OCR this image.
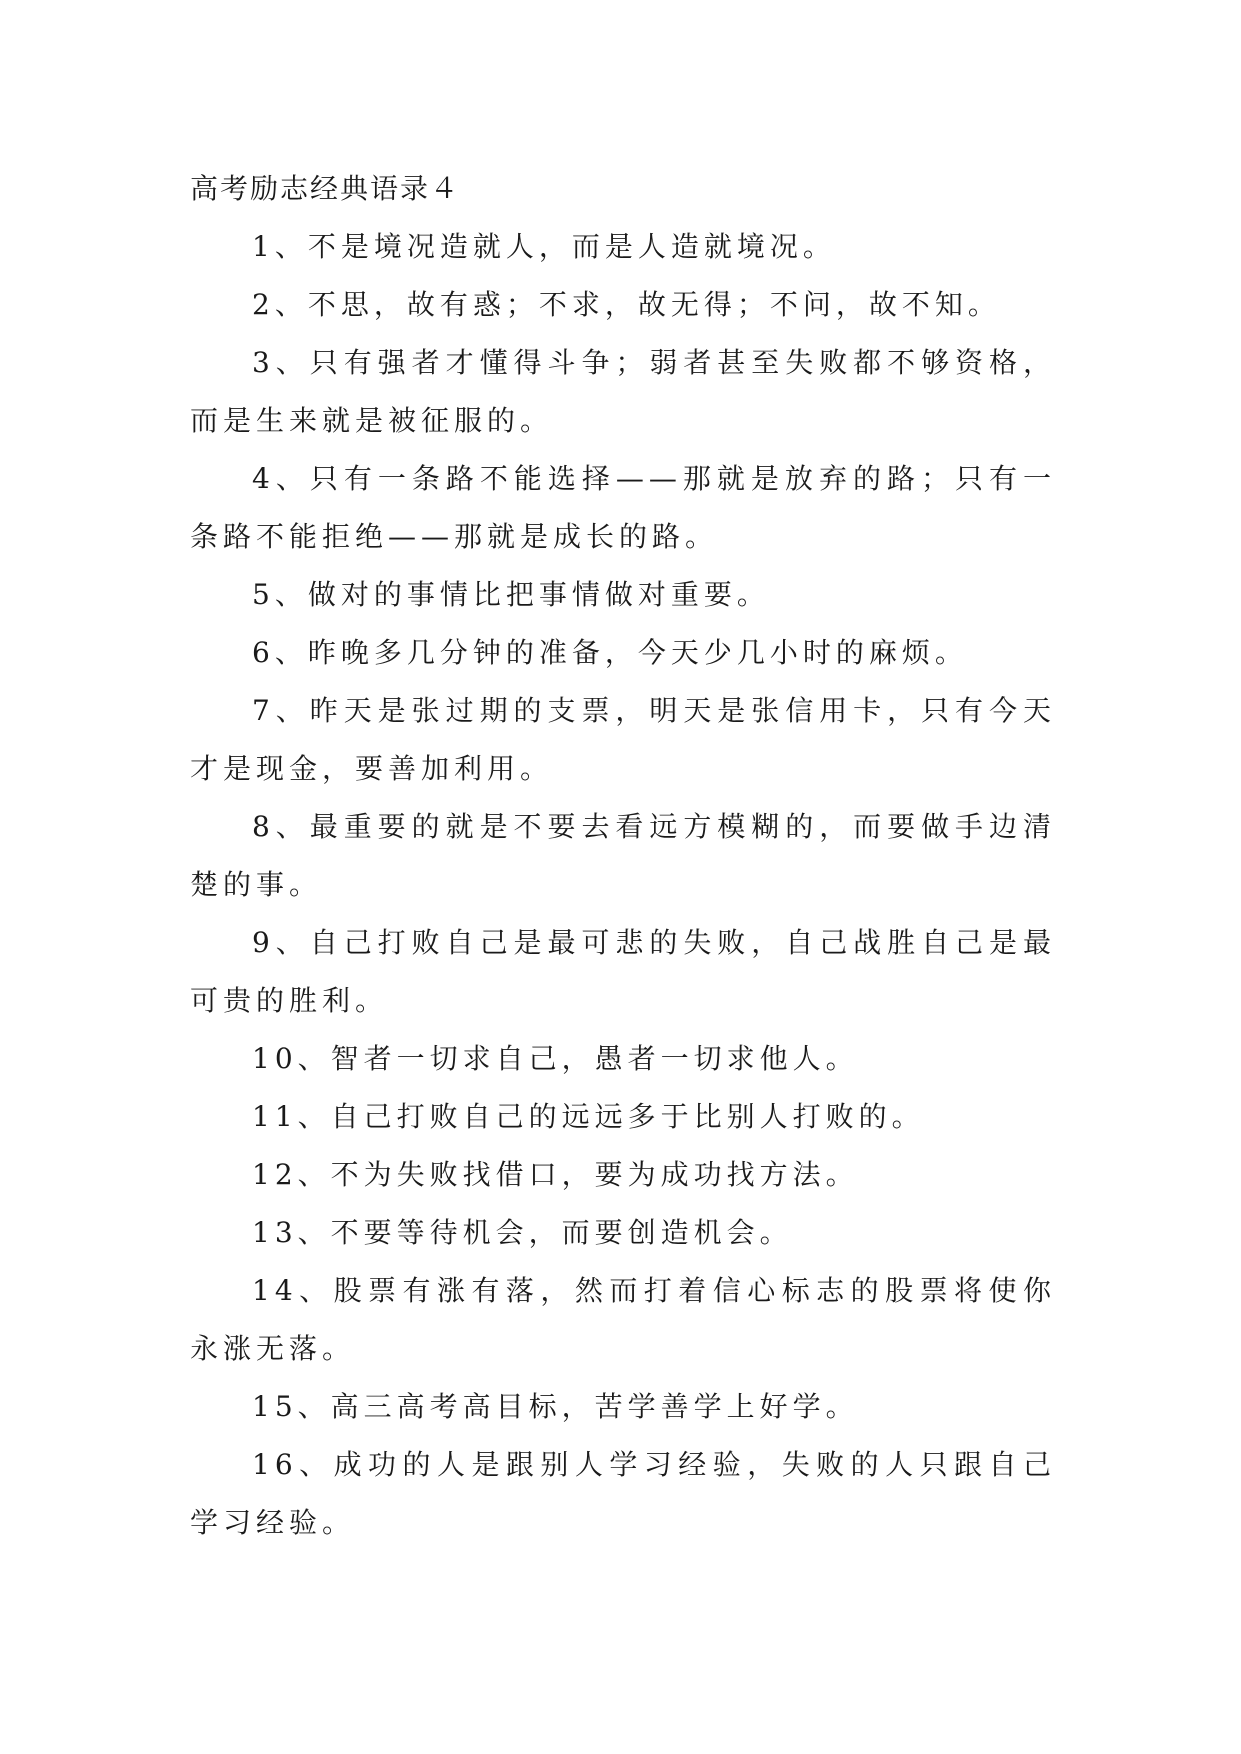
高考励志经典语录４

1、不是境况造就人，而是人造就境况。

2、不思，故有惑；不求，故无得；不问，故不知。

3、只有强者才懂得斗争；弱者甚至失败都不够资格，而是生来就是被征服的。

4、只有一条路不能选择——那就是放弃的路；只有一条路不能拒绝——那就是成长的路。

5、做对的事情比把事情做对重要。

6、昨晚多几分钟的准备，今天少几小时的麻烦。

7、昨天是张过期的支票，明天是张信用卡，只有今天才是现金，要善加利用。

8、最重要的就是不要去看远方模糊的，而要做手边清楚的事。

9、自己打败自己是最可悲的失败，自己战胜自己是最可贵的胜利。

10、智者一切求自己，愚者一切求他人。

11、自己打败自己的远远多于比别人打败的。

12、不为失败找借口，要为成功找方法。

13、不要等待机会，而要创造机会。

14、股票有涨有落，然而打着信心标志的股票将使你永涨无落。

15、高三高考高目标，苦学善学上好学。

16、成功的人是跟别人学习经验，失败的人只跟自己学习经验。
